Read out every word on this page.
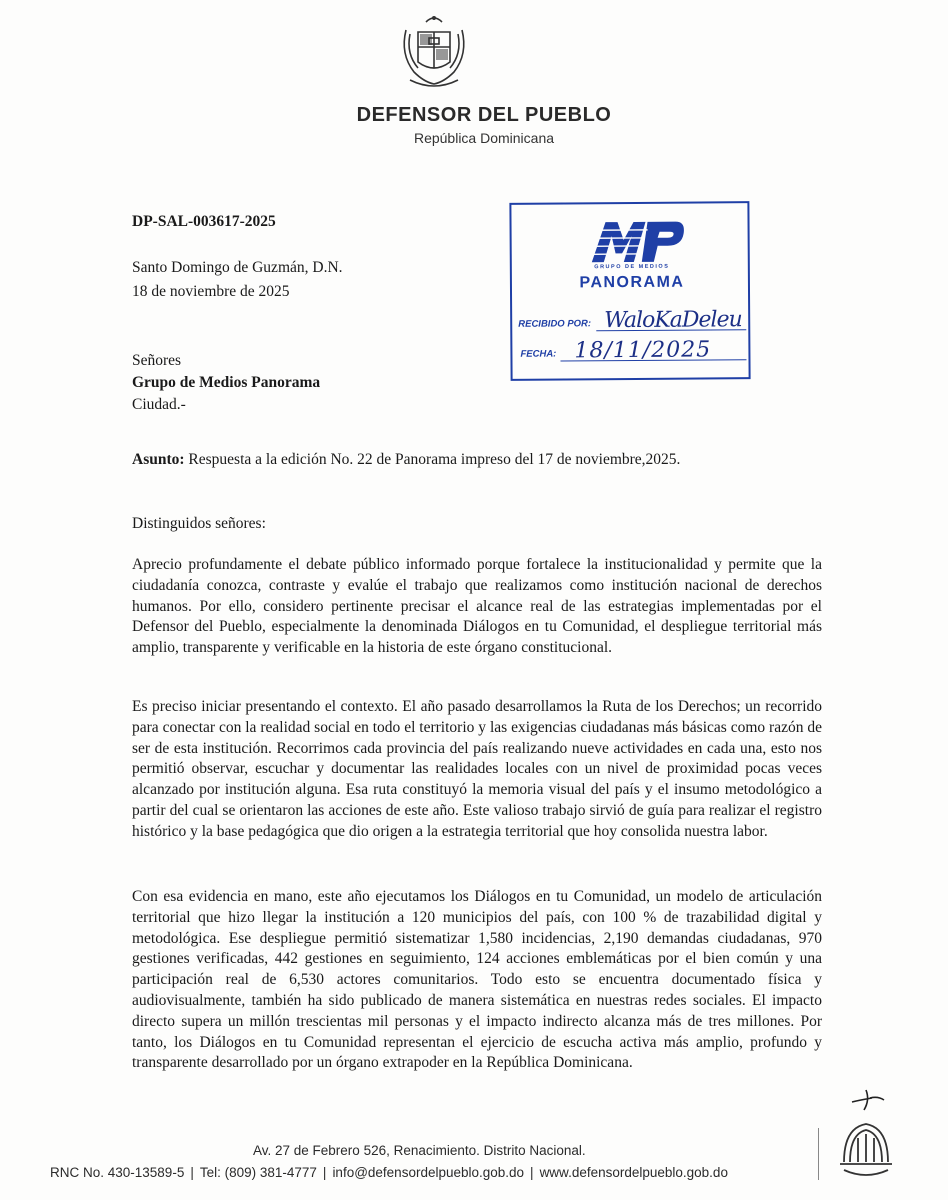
DEFENSOR DEL PUEBLO
República Dominicana
DP-SAL-003617-2025
Santo Domingo de Guzmán, D.N.
18 de noviembre de 2025
Señores
Grupo de Medios Panorama
Ciudad.-
Asunto: Respuesta a la edición No. 22 de Panorama impreso del 17 de noviembre,2025.
Distinguidos señores:
Aprecio profundamente el debate público informado porque fortalece la institucionalidad y permite que la ciudadanía conozca, contraste y evalúe el trabajo que realizamos como institución nacional de derechos humanos. Por ello, considero pertinente precisar el alcance real de las estrategias implementadas por el Defensor del Pueblo, especialmente la denominada Diálogos en tu Comunidad, el despliegue territorial más amplio, transparente y verificable en la historia de este órgano constitucional.
Es preciso iniciar presentando el contexto. El año pasado desarrollamos la Ruta de los Derechos; un recorrido para conectar con la realidad social en todo el territorio y las exigencias ciudadanas más básicas como razón de ser de esta institución. Recorrimos cada provincia del país realizando nueve actividades en cada una, esto nos permitió observar, escuchar y documentar las realidades locales con un nivel de proximidad pocas veces alcanzado por institución alguna. Esa ruta constituyó la memoria visual del país y el insumo metodológico a partir del cual se orientaron las acciones de este año. Este valioso trabajo sirvió de guía para realizar el registro histórico y la base pedagógica que dio origen a la estrategia territorial que hoy consolida nuestra labor.
Con esa evidencia en mano, este año ejecutamos los Diálogos en tu Comunidad, un modelo de articulación territorial que hizo llegar la institución a 120 municipios del país, con 100 % de trazabilidad digital y metodológica. Ese despliegue permitió sistematizar 1,580 incidencias, 2,190 demandas ciudadanas, 970 gestiones verificadas, 442 gestiones en seguimiento, 124 acciones emblemáticas por el bien común y una participación real de 6,530 actores comunitarios. Todo esto se encuentra documentado física y audiovisualmente, también ha sido publicado de manera sistemática en nuestras redes sociales. El impacto directo supera un millón trescientas mil personas y el impacto indirecto alcanza más de tres millones. Por tanto, los Diálogos en tu Comunidad representan el ejercicio de escucha activa más amplio, profundo y transparente desarrollado por un órgano extrapoder en la República Dominicana.
GRUPO DE MEDIOS
PANORAMA
RECIBIDO POR: WaloKaDeleu
FECHA: 18/11/2025
Av. 27 de Febrero 526, Renacimiento. Distrito Nacional.
RNC No. 430-13589-5 | Tel: (809) 381-4777 | info@defensordelpueblo.gob.do | www.defensordelpueblo.gob.do
